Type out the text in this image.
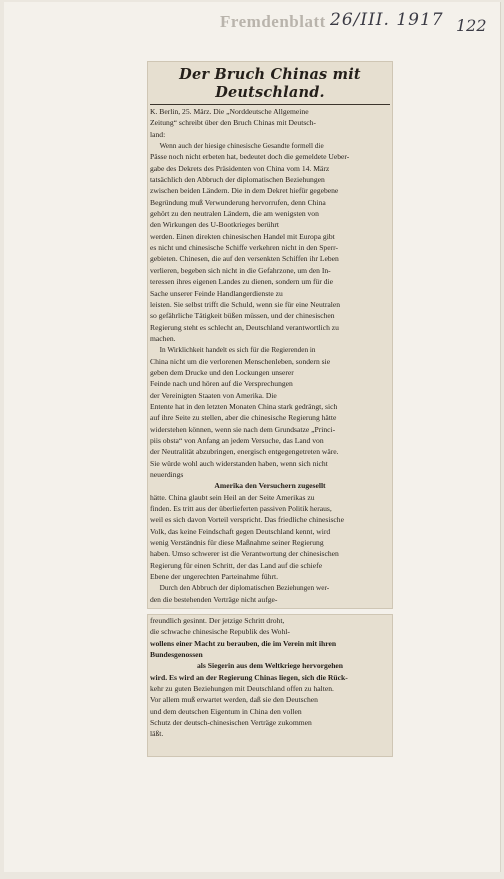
Fremdenblatt 26/III. 1917 122
Der Bruch Chinas mit Deutschland.
K. Berlin, 25. März. Die „Norddeutsche Allgemeine
Zeitung“ schreibt über den Bruch Chinas mit Deutsch-
land:
Wenn auch der hiesige chinesische Gesandte formell die
Pässe noch nicht erbeten hat, bedeutet doch die gemeldete Ueber-
gabe des Dekrets des Präsidenten von China vom 14. März
tatsächlich den Abbruch der diplomatischen Beziehungen
zwischen beiden Ländern. Die in dem Dekret hiefür gegebene
Begründung muß Verwunderung hervorrufen, denn China
gehört zu den neutralen Ländern, die am wenigsten von
den Wirkungen des U-Bootkrieges berührt
werden. Einen direkten chinesischen Handel mit Europa gibt
es nicht und chinesische Schiffe verkehren nicht in den Sperr-
gebieten. Chinesen, die auf den versenkten Schiffen ihr Leben
verlieren, begeben sich nicht in die Gefahrzone, um den In-
teressen ihres eigenen Landes zu dienen, sondern um für die
Sache unserer Feinde Handlangerdienste zu
leisten. Sie selbst trifft die Schuld, wenn sie für eine Neutralen
so gefährliche Tätigkeit büßen müssen, und der chinesischen
Regierung steht es schlecht an, Deutschland verantwortlich zu
machen.
In Wirklichkeit handelt es sich für die Regierenden in
China nicht um die verlorenen Menschenleben, sondern sie
geben dem Drucke und den Lockungen unserer
Feinde nach und hören auf die Versprechungen
der Vereinigten Staaten von Amerika. Die
Entente hat in den letzten Monaten China stark gedrängt, sich
auf ihre Seite zu stellen, aber die chinesische Regierung hätte
widerstehen können, wenn sie nach dem Grundsatze „Princi-
piis obsta“ von Anfang an jedem Versuche, das Land von
der Neutralität abzubringen, energisch entgegengetreten wäre.
Sie würde wohl auch widerstanden haben, wenn sich nicht
neuerdings
Amerika den Versuchern zugesellt
hätte. China glaubt sein Heil an der Seite Amerikas zu
finden. Es tritt aus der überlieferten passiven Politik heraus,
weil es sich davon Vorteil verspricht. Das friedliche chinesische
Volk, das keine Feindschaft gegen Deutschland kennt, wird
wenig Verständnis für diese Maßnahme seiner Regierung
haben. Umso schwerer ist die Verantwortung der chinesischen
Regierung für einen Schritt, der das Land auf die schiefe
Ebene der ungerechten Parteinahme führt.
Durch den Abbruch der diplomatischen Beziehungen wer-
den die bestehenden Verträge nicht aufge-
freundlich gesinnt. Der jetzige Schritt droht,
die schwache chinesische Republik des Wohl-
wollens einer Macht zu berauben, die im Verein mit ihren
Bundesgenossen
als Siegerin aus dem Weltkriege hervorgehen
wird. Es wird an der Regierung Chinas liegen, sich die Rück-
kehr zu guten Beziehungen mit Deutschland offen zu halten.
Vor allem muß erwartet werden, daß sie den Deutschen
und dem deutschen Eigentum in China den vollen
Schutz der deutsch-chinesischen Verträge zukommen
läßt.
